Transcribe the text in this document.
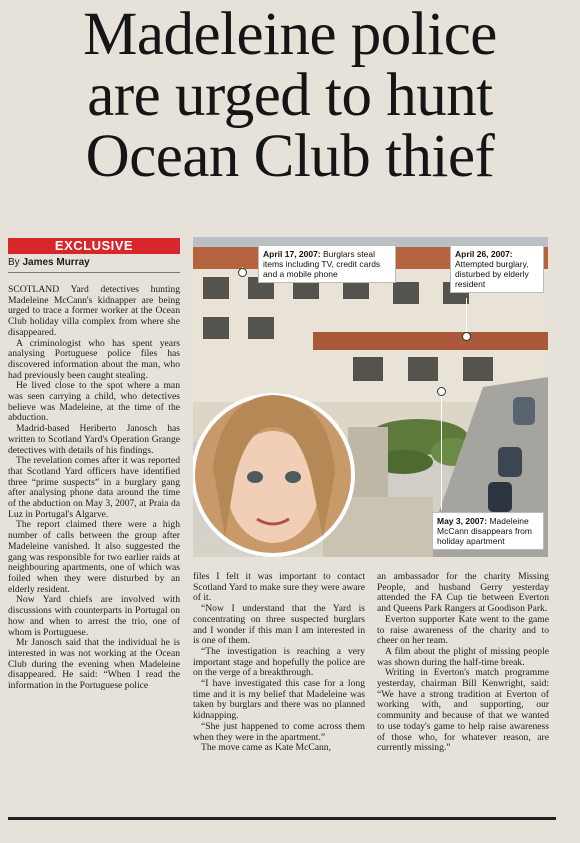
Madeleine police
are urged to hunt
Ocean Club thief
EXCLUSIVE
By James Murray

SCOTLAND Yard detectives hunting Madeleine McCann's kidnapper are being urged to trace a former worker at the Ocean Club holiday villa complex from where she disappeared.

A criminologist who has spent years analysing Portuguese police files has discovered information about the man, who had previously been caught stealing.

He lived close to the spot where a man was seen carrying a child, who detectives believe was Madeleine, at the time of the abduction.

Madrid-based Heriberto Janosch has written to Scotland Yard's Operation Grange detectives with details of his findings.

The revelation comes after it was reported that Scotland Yard officers have identified three “prime suspects” in a burglary gang after analysing phone data around the time of the abduction on May 3, 2007, at Praia da Luz in Portugal's Algarve.

The report claimed there were a high number of calls between the group after Madeleine vanished. It also suggested the gang was responsible for two earlier raids at neighbouring apartments, one of which was foiled when they were disturbed by an elderly resident.

Now Yard chiefs are involved with discussions with counterparts in Portugal on how and when to arrest the trio, one of whom is Portuguese.

Mr Janosch said that the individual he is interested in was not working at the Ocean Club during the evening when Madeleine disappeared. He said: “When I read the information in the Portuguese police

April 17, 2007: Burglars steal items including TV, credit cards and a mobile phone
April 26, 2007: Attempted burglary, disturbed by elderly resident
May 3, 2007: Madeleine McCann disappears from holiday apartment

files I felt it was important to contact Scotland Yard to make sure they were aware of it.

“Now I understand that the Yard is concentrating on three suspected burglars and I wonder if this man I am interested in is one of them.

“The investigation is reaching a very important stage and hopefully the police are on the verge of a breakthrough.

“I have investigated this case for a long time and it is my belief that Madeleine was taken by burglars and there was no planned kidnapping.

“She just happened to come across them when they were in the apartment.”

The move came as Kate McCann,

an ambassador for the charity Missing People, and husband Gerry yesterday attended the FA Cup tie between Everton and Queens Park Rangers at Goodison Park.

Everton supporter Kate went to the game to raise awareness of the charity and to cheer on her team.

A film about the plight of missing people was shown during the half-time break.

Writing in Everton's match programme yesterday, chairman Bill Kenwright, said: “We have a strong tradition at Everton of working with, and supporting, our community and because of that we wanted to use today's game to help raise awareness of those who, for whatever reason, are currently missing.”
